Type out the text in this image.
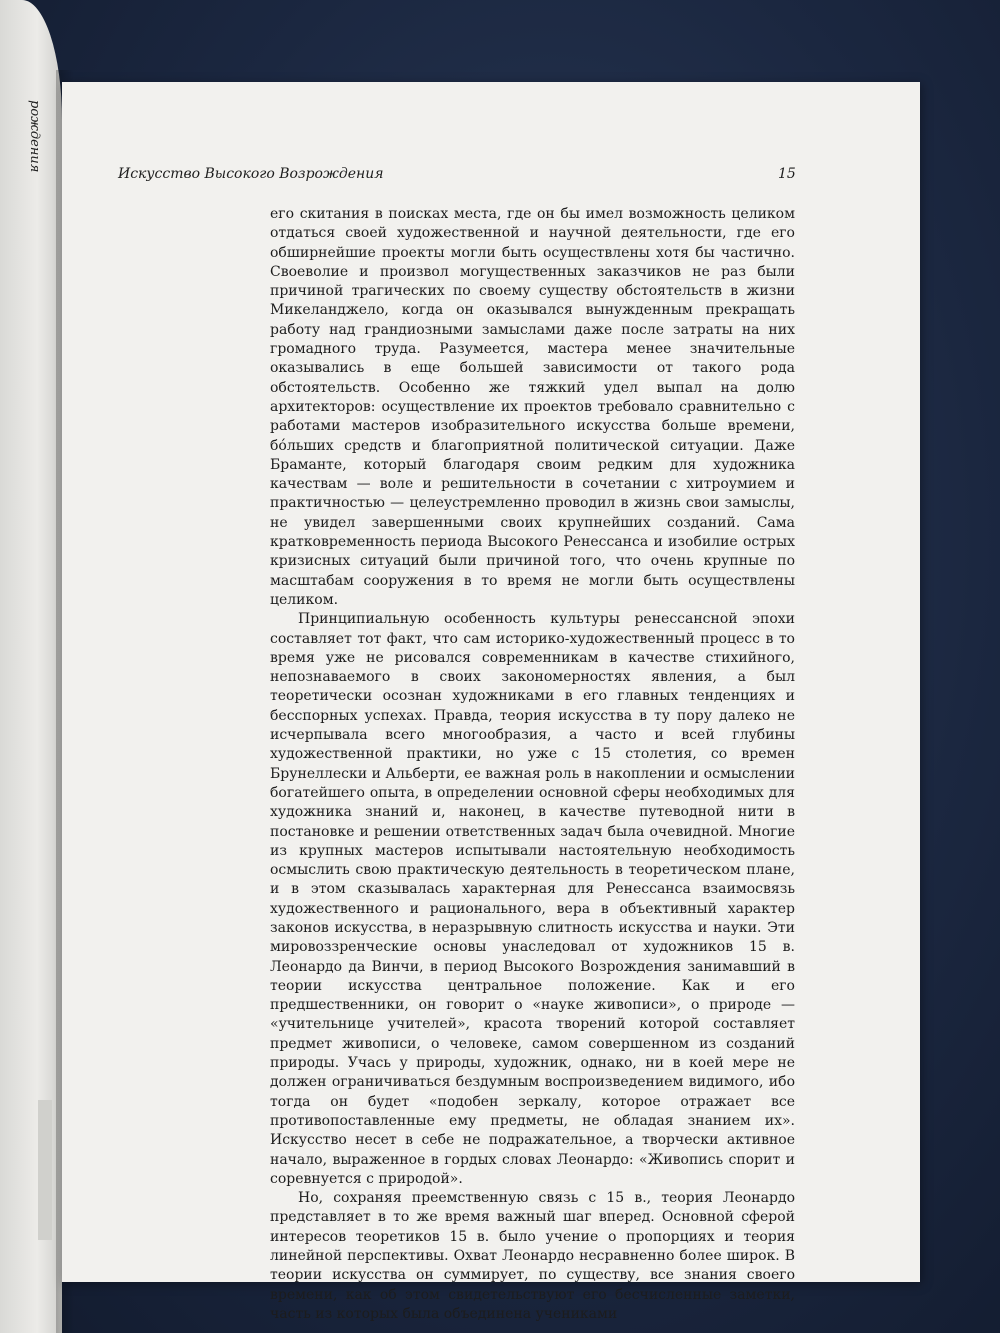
рождения
Искусство Высокого Возрождения	15

его скитания в поисках места, где он бы имел возможность целиком отдаться своей художественной и научной деятельности, где его обширнейшие проекты могли быть осуществлены хотя бы частично. Своеволие и произвол могущественных заказчиков не раз были причиной трагических по своему существу обстоятельств в жизни Микеланджело, когда он оказывался вынужденным прекращать работу над грандиозными замыслами даже после затраты на них громадного труда. Разумеется, мастера менее значительные оказывались в еще большей зависимости от такого рода обстоятельств. Особенно же тяжкий удел выпал на долю архитекторов: осуществление их проектов требовало сравнительно с работами мастеров изобразительного искусства больше времени, бóльших средств и благоприятной политической ситуации. Даже Браманте, который благодаря своим редким для художника качествам — воле и решительности в сочетании с хитроумием и практичностью — целеустремленно проводил в жизнь свои замыслы, не увидел завершенными своих крупнейших созданий. Сама кратковременность периода Высокого Ренессанса и изобилие острых кризисных ситуаций были причиной того, что очень крупные по масштабам сооружения в то время не могли быть осуществлены целиком.

Принципиальную особенность культуры ренессансной эпохи составляет тот факт, что сам историко-художественный процесс в то время уже не рисовался современникам в качестве стихийного, непознаваемого в своих закономерностях явления, а был теоретически осознан художниками в его главных тенденциях и бесспорных успехах. Правда, теория искусства в ту пору далеко не исчерпывала всего многообразия, а часто и всей глубины художественной практики, но уже с 15 столетия, со времен Брунеллески и Альберти, ее важная роль в накоплении и осмыслении богатейшего опыта, в определении основной сферы необходимых для художника знаний и, наконец, в качестве путеводной нити в постановке и решении ответственных задач была очевидной. Многие из крупных мастеров испытывали настоятельную необходимость осмыслить свою практическую деятельность в теоретическом плане, и в этом сказывалась характерная для Ренессанса взаимосвязь художественного и рационального, вера в объективный характер законов искусства, в неразрывную слитность искусства и науки. Эти мировоззренческие основы унаследовал от художников 15 в. Леонардо да Винчи, в период Высокого Возрождения занимавший в теории искусства центральное положение. Как и его предшественники, он говорит о «науке живописи», о природе — «учительнице учителей», красота творений которой составляет предмет живописи, о человеке, самом совершенном из созданий природы. Учась у природы, художник, однако, ни в коей мере не должен ограничиваться бездумным воспроизведением видимого, ибо тогда он будет «подобен зеркалу, которое отражает все противопоставленные ему предметы, не обладая знанием их». Искусство несет в себе не подражательное, а творчески активное начало, выраженное в гордых словах Леонардо: «Живопись спорит и соревнуется с природой».

Но, сохраняя преемственную связь с 15 в., теория Леонардо представляет в то же время важный шаг вперед. Основной сферой интересов теоретиков 15 в. было учение о пропорциях и теория линейной перспективы. Охват Леонардо несравненно более широк. В теории искусства он суммирует, по существу, все знания своего времени, как об этом свидетельствуют его бесчисленные заметки, часть из которых была объединена учениками
